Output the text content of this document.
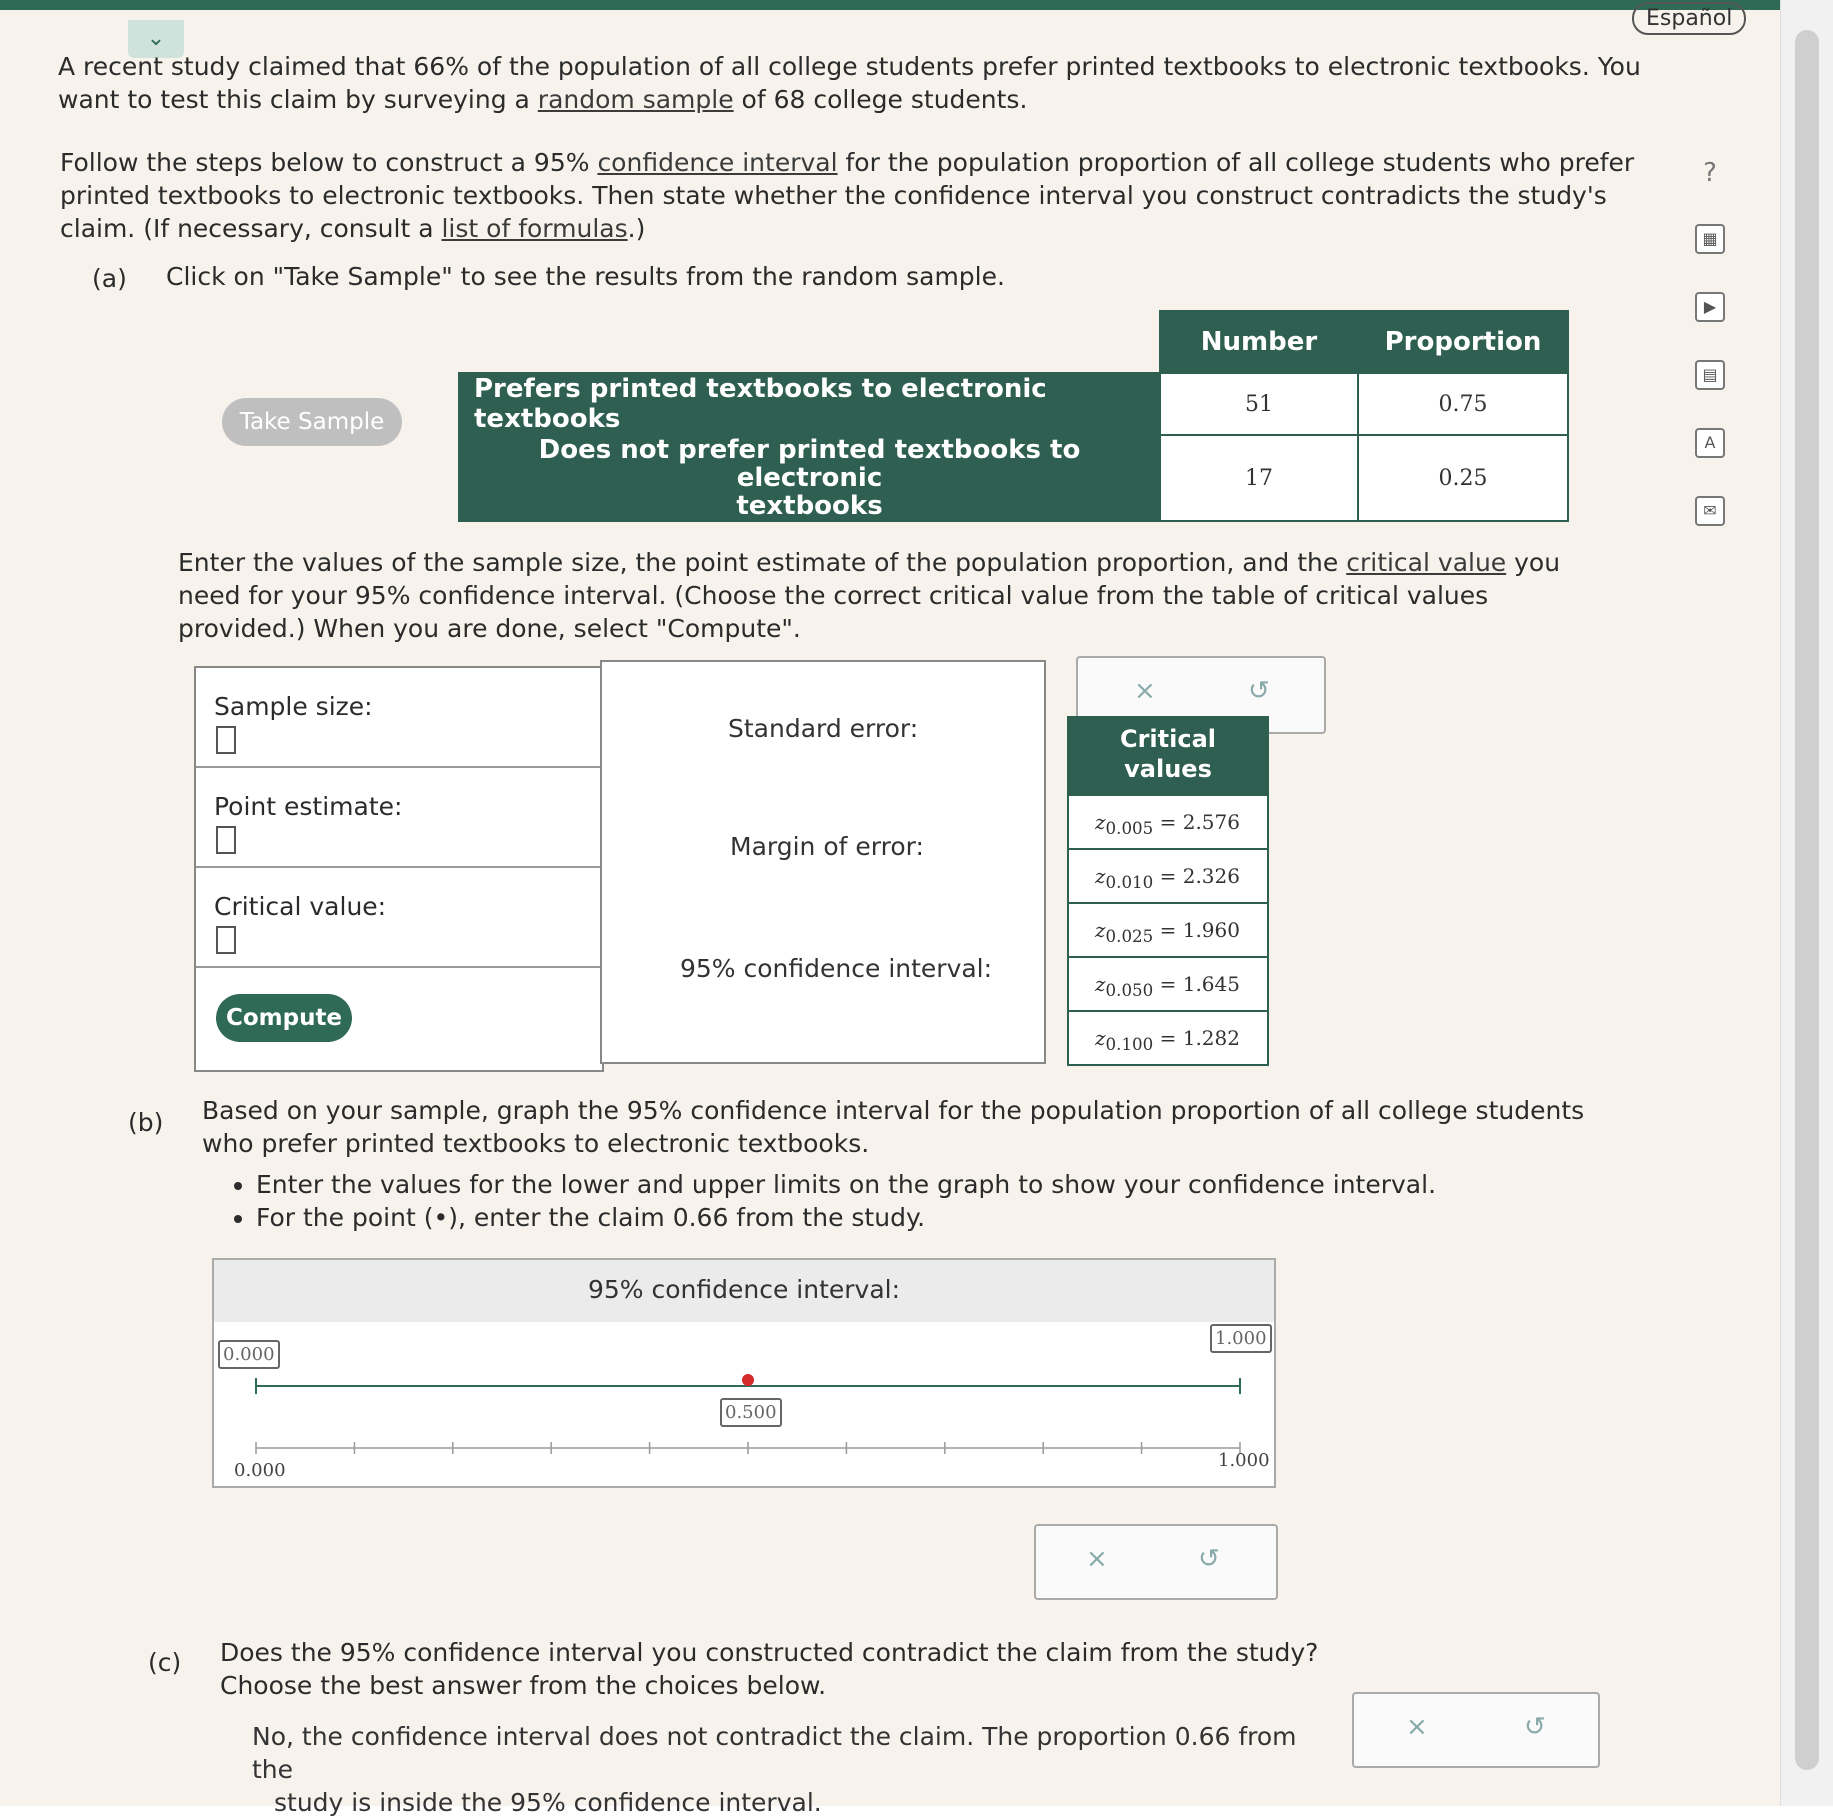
⌄
Español

A recent study claimed that 66% of the population of all college students prefer printed textbooks to electronic textbooks. You want to test this claim by surveying a random sample of 68 college students.

Follow the steps below to construct a 95% confidence interval for the population proportion of all college students who prefer printed textbooks to electronic textbooks. Then state whether the confidence interval you construct contradicts the study's claim. (If necessary, consult a list of formulas.)

(a) Click on "Take Sample" to see the results from the random sample.
Take Sample
	Number	Proportion
Prefers printed textbooks to electronic textbooks	51	0.75
Does not prefer printed textbooks to electronic
textbooks	17	0.25

Enter the values of the sample size, the point estimate of the population proportion, and the critical value you need for your 95% confidence interval. (Choose the correct critical value from the table of critical values provided.) When you are done, select "Compute".

Sample size:
Point estimate:
Critical value:
Compute
Standard error:
Margin of error:
95% confidence interval:
×	↺
Critical
values
$z_{0.005} = 2.576$
$z_{0.010} = 2.326$
$z_{0.025} = 1.960$
$z_{0.050} = 1.645$
$z_{0.100} = 1.282$
(b) Based on your sample, graph the 95% confidence interval for the population proportion of all college students who prefer printed textbooks to electronic textbooks.

• Enter the values for the lower and upper limits on the graph to show your confidence interval.
• For the point (•), enter the claim 0.66 from the study.
95% confidence interval:
0.000
1.000
0.500
0.000	1.000
×	↺
(c) Does the 95% confidence interval you constructed contradict the claim from the study? Choose the best answer from the choices below.

No, the confidence interval does not contradict the claim. The proportion 0.66 from the
study is inside the 95% confidence interval.
×	↺
?
▦
▶
▤
A
✉
